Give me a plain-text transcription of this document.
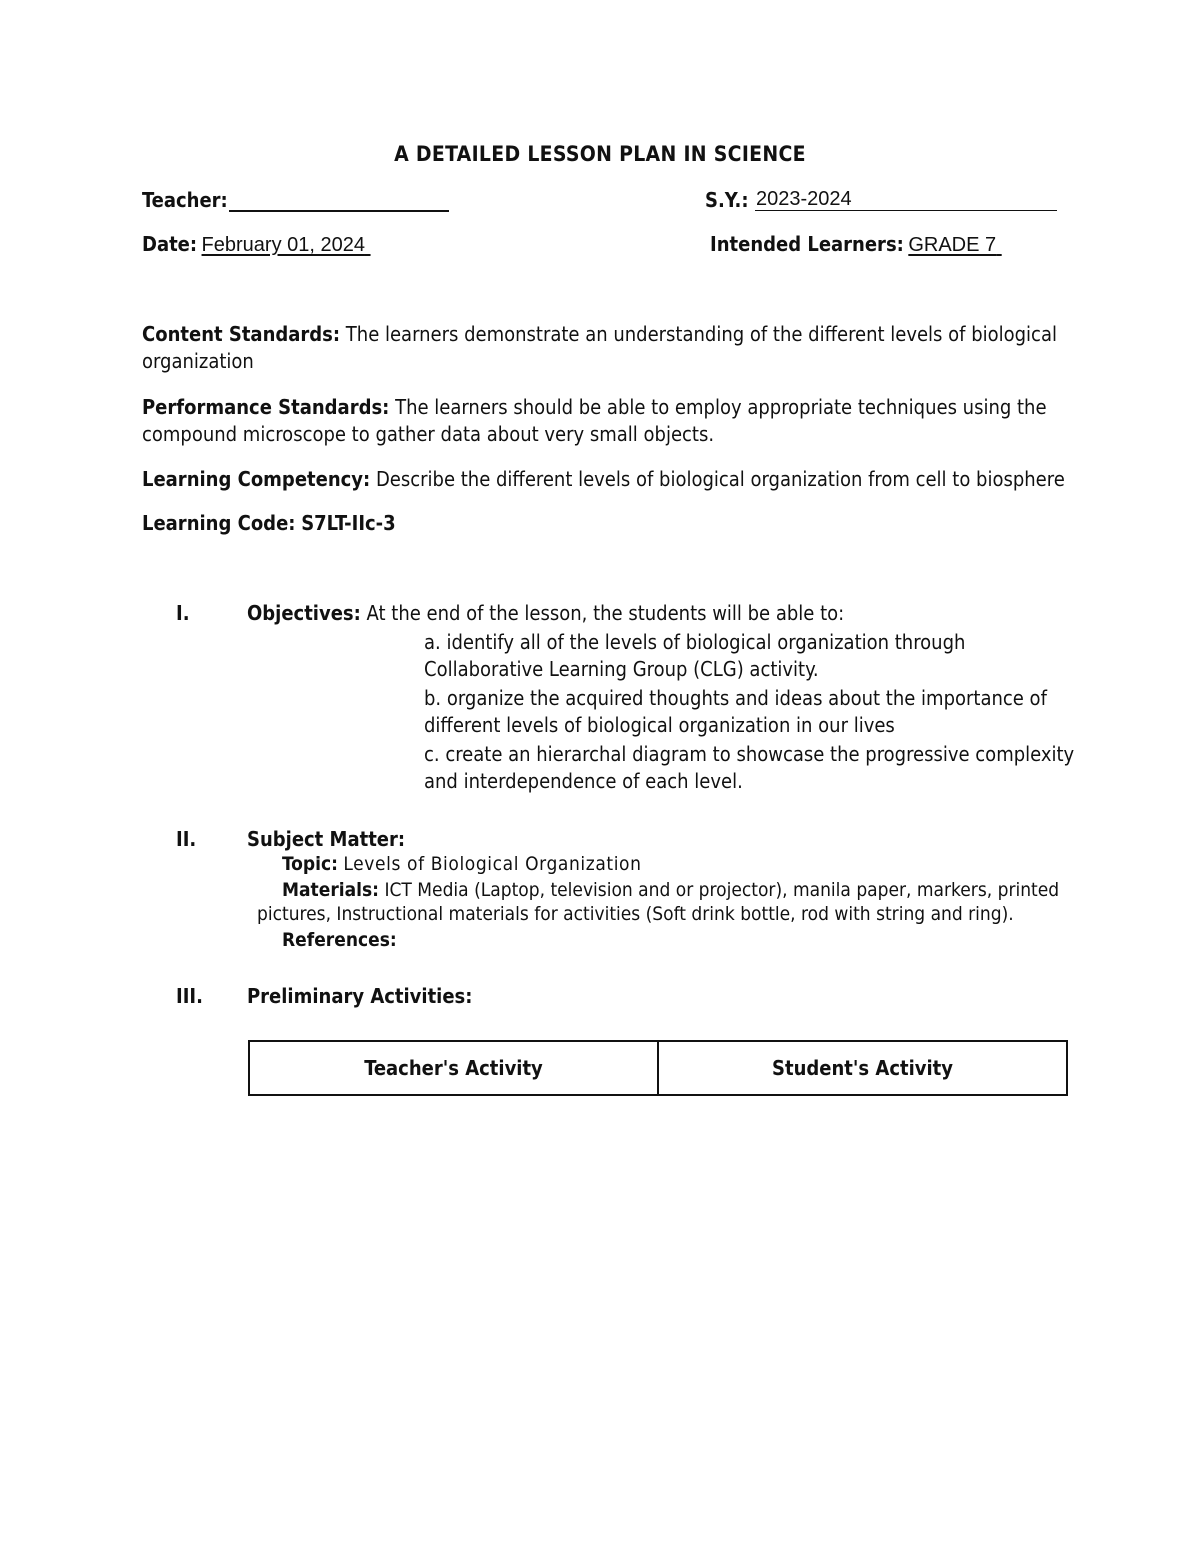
A DETAILED LESSON PLAN IN SCIENCE
Teacher:	S.Y.: 2023-2024
Date: February 01, 2024	Intended Learners: GRADE 7
Content Standards: The learners demonstrate an understanding of the different levels of biological organization
Performance Standards: The learners should be able to employ appropriate techniques using the compound microscope to gather data about very small objects.
Learning Competency: Describe the different levels of biological organization from cell to biosphere
Learning Code: S7LT-IIc-3
I.	Objectives: At the end of the lesson, the students will be able to:
a. identify all of the levels of biological organization through Collaborative Learning Group (CLG) activity.
b. organize the acquired thoughts and ideas about the importance of different levels of biological organization in our lives
c. create an hierarchal diagram to showcase the progressive complexity and interdependence of each level.
II.	Subject Matter:
Topic: Levels of Biological Organization
Materials: ICT Media (Laptop, television and or projector), manila paper, markers, printed
pictures, Instructional materials for activities (Soft drink bottle, rod with string and ring).
References:
III. Preliminary Activities:
Teacher's Activity	Student's Activity
